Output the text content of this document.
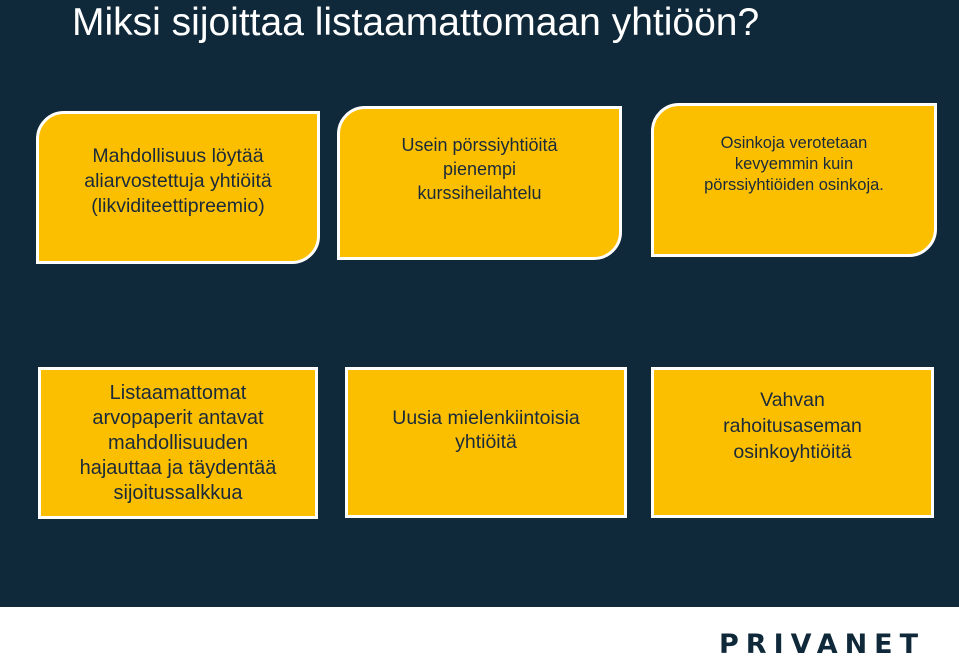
Miksi sijoittaa listaamattomaan yhtiöön?
Mahdollisuus löytää
aliarvostettuja yhtiöitä
(likviditeettipreemio)
Usein pörssiyhtiöitä
pienempi
kurssiheilahtelu
Osinkoja verotetaan
kevyemmin kuin
pörssiyhtiöiden osinkoja.
Listaamattomat
arvopaperit antavat
mahdollisuuden
hajauttaa ja täydentää
sijoitussalkkua
Uusia mielenkiintoisia
yhtiöitä
Vahvan
rahoitusaseman
osinkoyhtiöitä
PRIVANET
